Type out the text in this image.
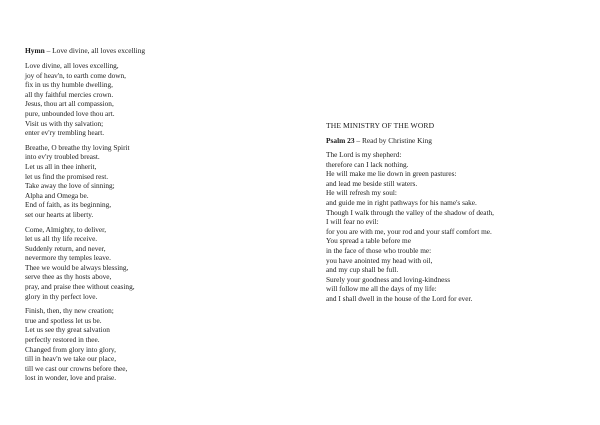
Hymn – Love divine, all loves excelling
Love divine, all loves excelling,
joy of heav'n, to earth come down,
fix in us thy humble dwelling,
all thy faithful mercies crown.
Jesus, thou art all compassion,
pure, unbounded love thou art.
Visit us with thy salvation;
enter ev'ry trembling heart.
Breathe, O breathe thy loving Spirit
into ev'ry troubled breast.
Let us all in thee inherit,
let us find the promised rest.
Take away the love of sinning;
Alpha and Omega be.
End of faith, as its beginning,
set our hearts at liberty.
Come, Almighty, to deliver,
let us all thy life receive.
Suddenly return, and never,
nevermore thy temples leave.
Thee we would be always blessing,
serve thee as thy hosts above,
pray, and praise thee without ceasing,
glory in thy perfect love.
Finish, then, thy new creation;
true and spotless let us be.
Let us see thy great salvation
perfectly restored in thee.
Changed from glory into glory,
till in heav'n we take our place,
till we cast our crowns before thee,
lost in wonder, love and praise.
THE MINISTRY OF THE WORD
Psalm 23 – Read by Christine King
The Lord is my shepherd:
therefore can I lack nothing.
He will make me lie down in green pastures:
and lead me beside still waters.
He will refresh my soul:
and guide me in right pathways for his name's sake.
Though I walk through the valley of the shadow of death,
I will fear no evil:
for you are with me, your rod and your staff comfort me.
You spread a table before me
in the face of those who trouble me:
you have anointed my head with oil,
and my cup shall be full.
Surely your goodness and loving-kindness
will follow me all the days of my life:
and I shall dwell in the house of the Lord for ever.
